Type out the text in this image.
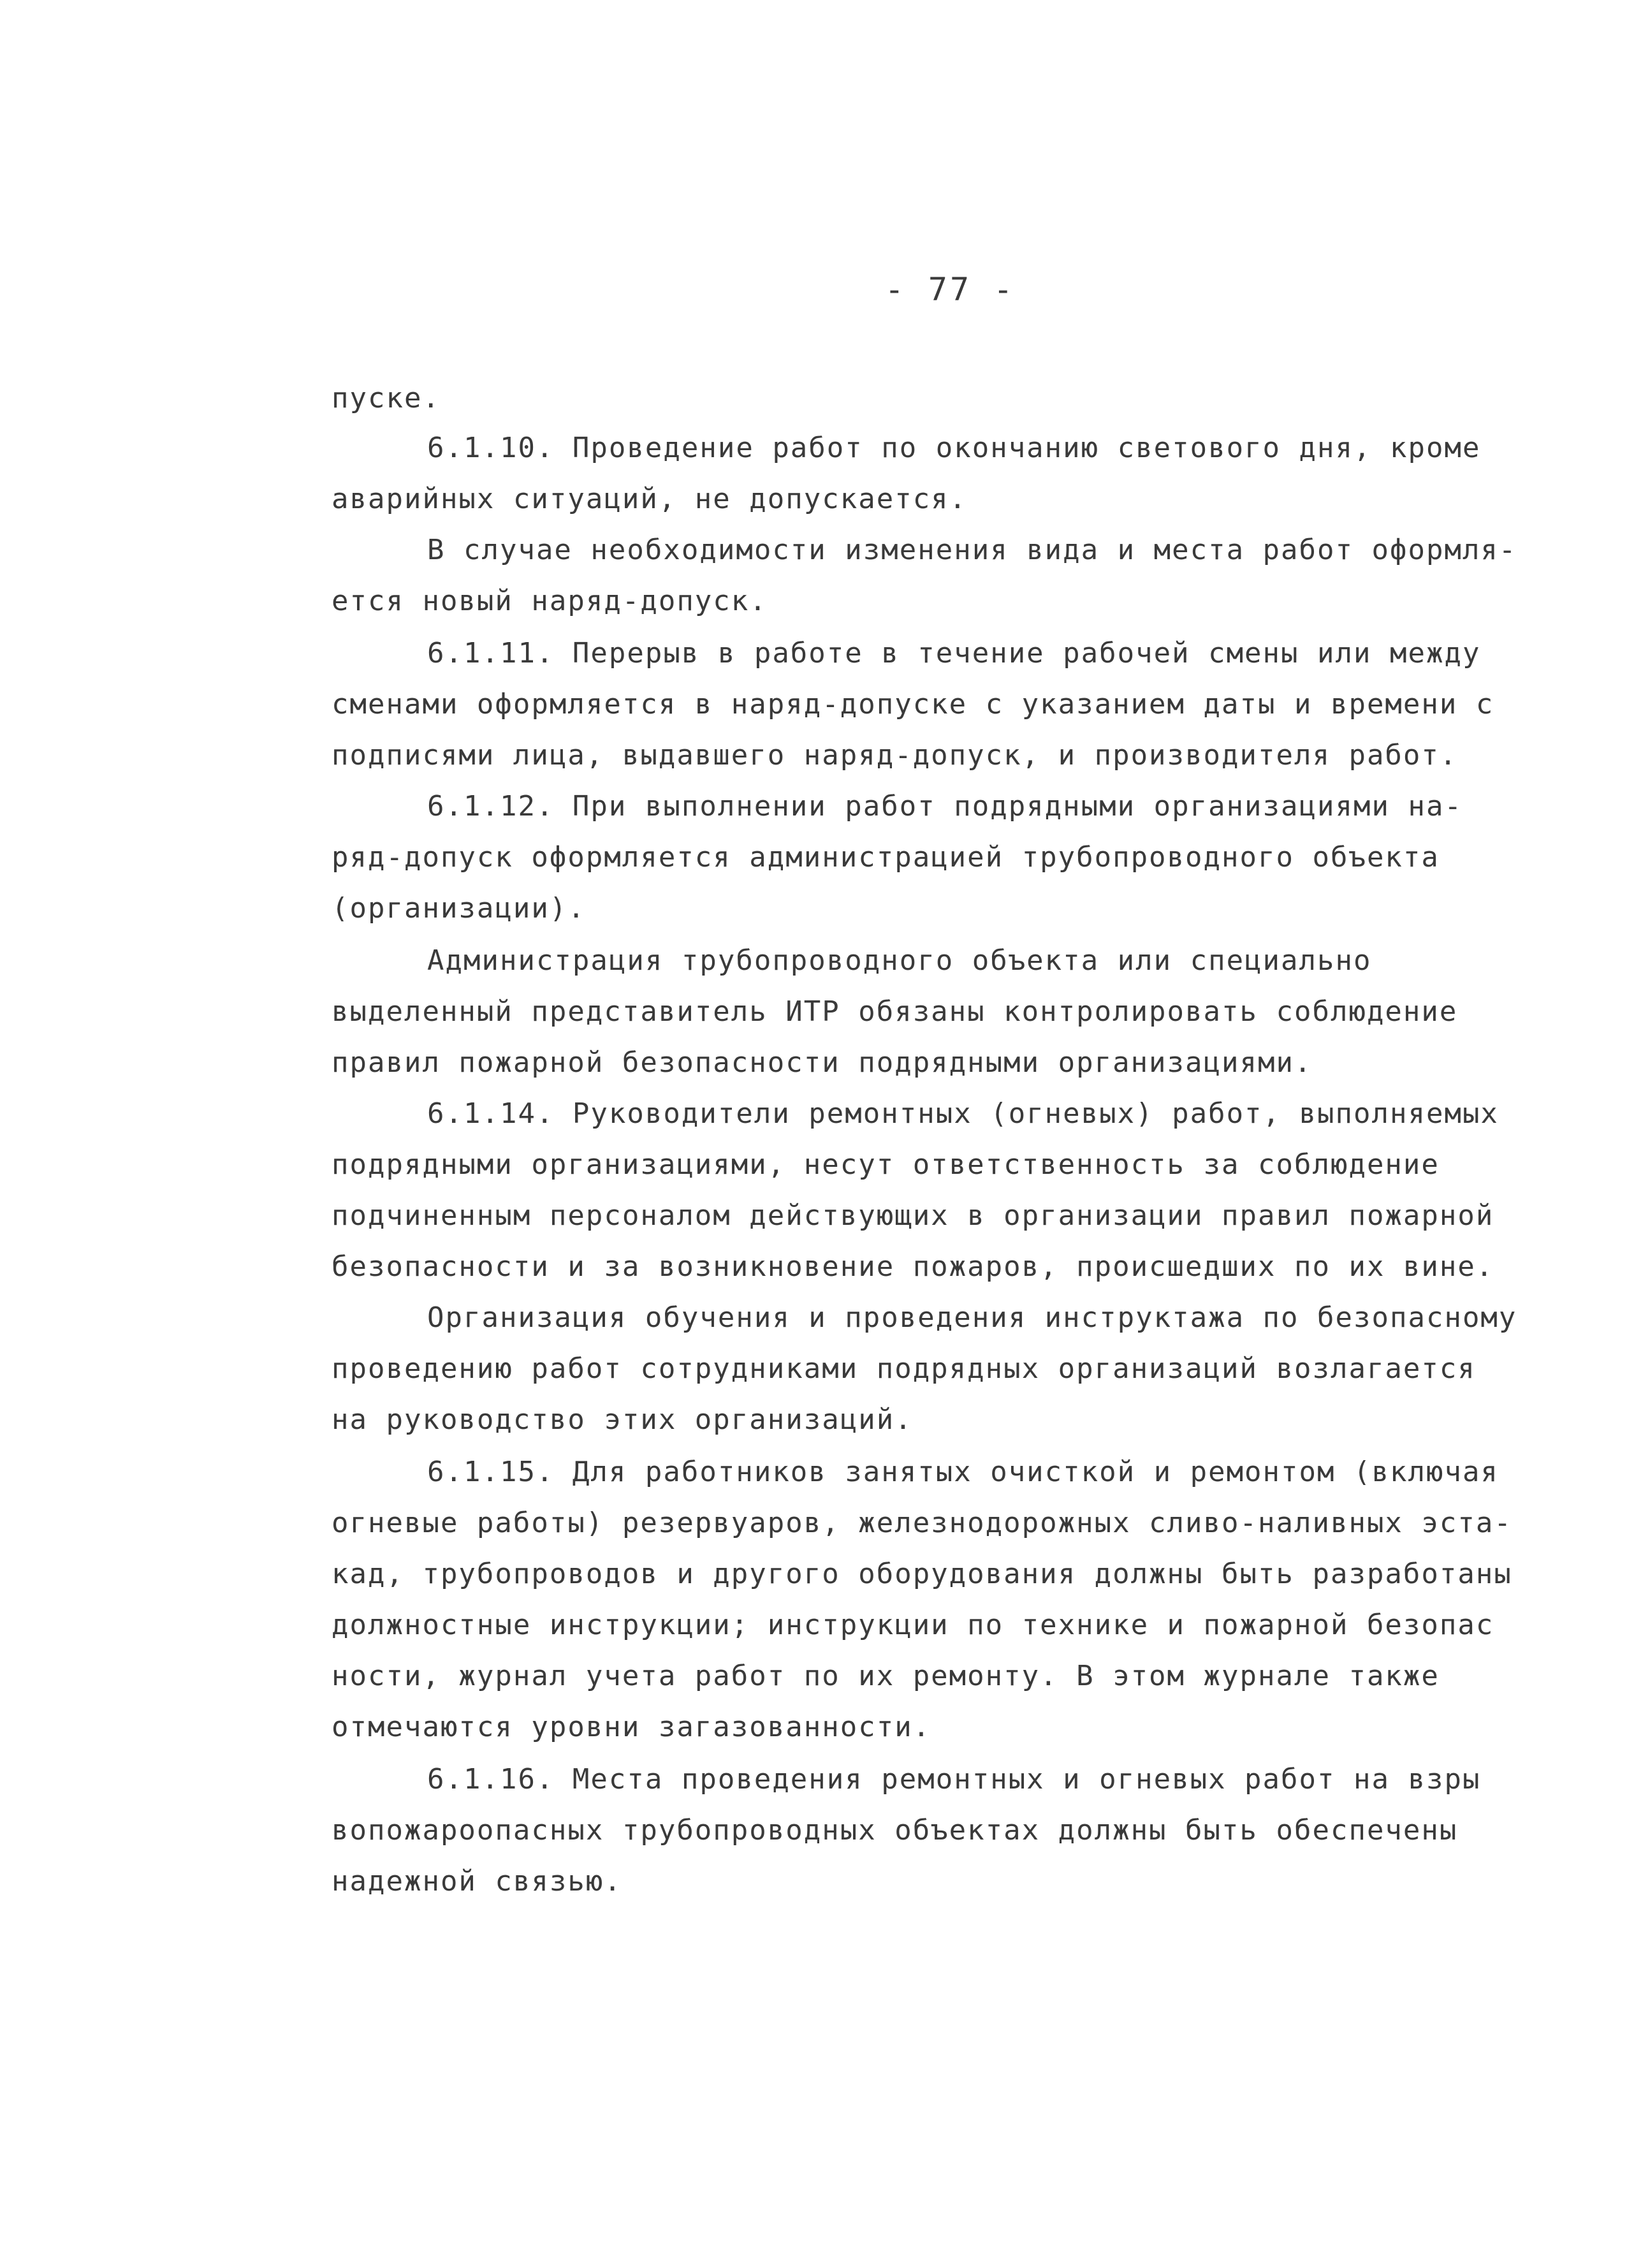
- 77 -
пуске.
6.1.10. Проведение работ по окончанию светового дня, кроме
аварийных ситуаций, не допускается.
В случае необходимости изменения вида и места работ оформля-
ется новый наряд-допуск.
6.1.11. Перерыв в работе в течение рабочей смены или между
сменами оформляется в наряд-допуске с указанием даты и времени с
подписями лица, выдавшего наряд-допуск, и производителя работ.
6.1.12. При выполнении работ подрядными организациями на-
ряд-допуск оформляется администрацией трубопроводного объекта
(организации).
Администрация трубопроводного объекта или специально
выделенный представитель ИТР обязаны контролировать соблюдение
правил пожарной безопасности подрядными организациями.
6.1.14. Руководители ремонтных (огневых) работ, выполняемых
подрядными организациями, несут ответственность за соблюдение
подчиненным персоналом действующих в организации правил пожарной
безопасности и за возникновение пожаров, происшедших по их вине.
Организация обучения и проведения инструктажа по безопасному
проведению работ сотрудниками подрядных организаций возлагается
на руководство этих организаций.
6.1.15. Для работников занятых очисткой и ремонтом (включая
огневые работы) резервуаров, железнодорожных сливо-наливных эста-
кад, трубопроводов и другого оборудования должны быть разработаны
должностные инструкции; инструкции по технике и пожарной безопас
ности, журнал учета работ по их ремонту. В этом журнале также
отмечаются уровни загазованности.
6.1.16. Места проведения ремонтных и огневых работ на взры
вопожароопасных трубопроводных объектах должны быть обеспечены
надежной связью.
